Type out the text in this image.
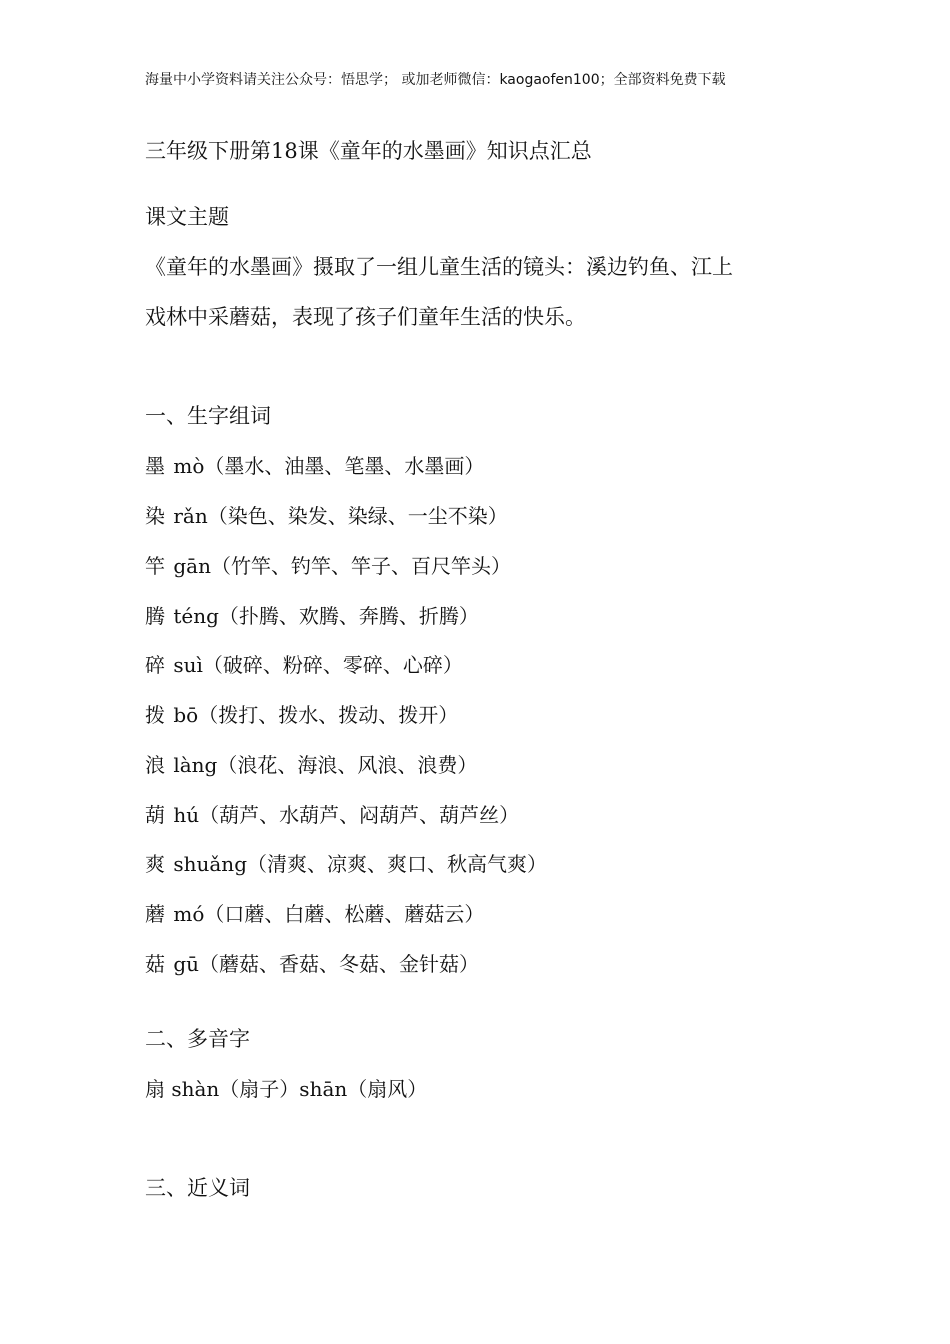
海量中小学资料请关注公众号：悟思学； 或加老师微信：kaogaofen100；全部资料免费下载
三年级下册第18课《童年的水墨画》知识点汇总
课文主题
《童年的水墨画》摄取了一组儿童生活的镜头：溪边钓鱼、江上
戏林中采蘑菇，表现了孩子们童年生活的快乐。
一、生字组词
墨 mò（墨水、油墨、笔墨、水墨画）
染 rǎn（染色、染发、染绿、一尘不染）
竿 gān（竹竿、钓竿、竿子、百尺竿头）
腾 téng（扑腾、欢腾、奔腾、折腾）
碎 suì（破碎、粉碎、零碎、心碎）
拨 bō（拨打、拨水、拨动、拨开）
浪 làng（浪花、海浪、风浪、浪费）
葫 hú（葫芦、水葫芦、闷葫芦、葫芦丝）
爽 shuǎng（清爽、凉爽、爽口、秋高气爽）
蘑 mó（口蘑、白蘑、松蘑、蘑菇云）
菇 gū（蘑菇、香菇、冬菇、金针菇）
二、多音字
扇 shàn（扇子）shān（扇风）
三、近义词
